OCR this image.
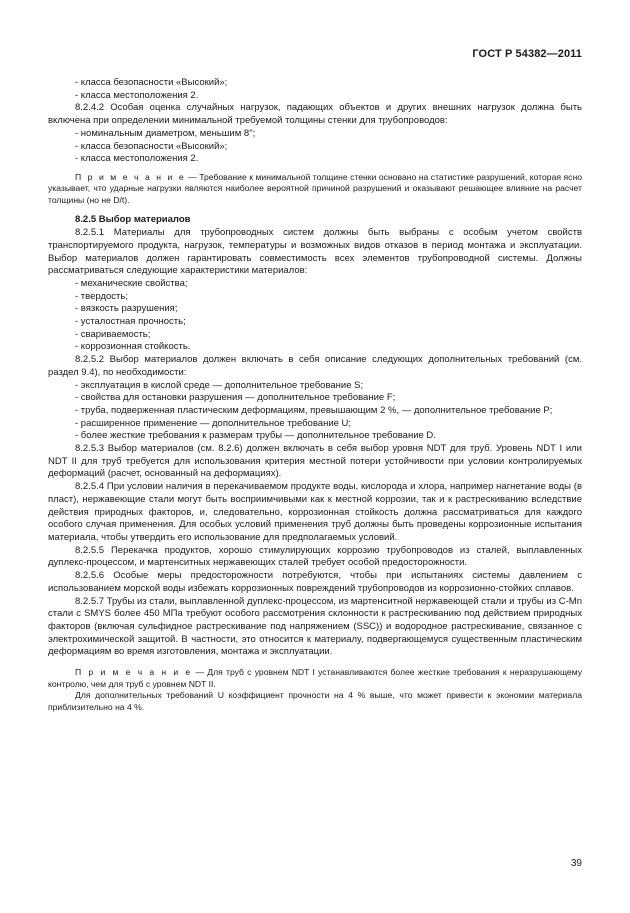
ГОСТ Р 54382—2011

- класса безопасности «Высокий»;

- класса местоположения 2.

8.2.4.2 Особая оценка случайных нагрузок, падающих объектов и других внешних нагрузок должна быть включена при определении минимальной требуемой толщины стенки для трубопроводов:

- номинальным диаметром, меньшим 8";

- класса безопасности «Высокий»;

- класса местоположения 2.

П р и м е ч а н и е — Требование к минимальной толщине стенки основано на статистике разрушений, которая ясно указывает, что ударные нагрузки являются наиболее вероятной причиной разрушений и оказывают решающее влияние на расчет толщины (но не D/t).

8.2.5 Выбор материалов

8.2.5.1 Материалы для трубопроводных систем должны быть выбраны с особым учетом свойств транспортируемого продукта, нагрузок, температуры и возможных видов отказов в период монтажа и эксплуатации. Выбор материалов должен гарантировать совместимость всех элементов трубопроводной системы. Должны рассматриваться следующие характеристики материалов:

- механические свойства;

- твердость;

- вязкость разрушения;

- усталостная прочность;

- свариваемость;

- коррозионная стойкость.

8.2.5.2 Выбор материалов должен включать в себя описание следующих дополнительных требований (см. раздел 9.4), по необходимости:

- эксплуатация в кислой среде — дополнительное требование S;

- свойства для остановки разрушения — дополнительное требование F;

- труба, подверженная пластическим деформациям, превышающим 2 %, — дополнительное требование P;

- расширенное применение — дополнительное требование U;

- более жесткие требования к размерам трубы — дополнительное требование D.

8.2.5.3 Выбор материалов (см. 8.2.6) должен включать в себя выбор уровня NDT для труб. Уровень NDT I или NDT II для труб требуется для использования критерия местной потери устойчивости при условии контролируемых деформаций (расчет, основанный на деформациях).

8.2.5.4 При условии наличия в перекачиваемом продукте воды, кислорода и хлора, например нагнетание воды (в пласт), нержавеющие стали могут быть восприимчивыми как к местной коррозии, так и к растрескиванию вследствие действия природных факторов, и, следовательно, коррозионная стойкость должна рассматриваться для каждого особого случая применения. Для особых условий применения труб должны быть проведены коррозионные испытания материала, чтобы утвердить его использование для предполагаемых условий.

8.2.5.5 Перекачка продуктов, хорошо стимулирующих коррозию трубопроводов из сталей, выплавленных дуплекс-процессом, и мартенситных нержавеющих сталей требует особой предосторожности.

8.2.5.6 Особые меры предосторожности потребуются, чтобы при испытаниях системы давлением с использованием морской воды избежать коррозионных повреждений трубопроводов из коррозионно-стойких сплавов.

8.2.5.7 Трубы из стали, выплавленной дуплекс-процессом, из мартенситной нержавеющей стали и трубы из C-Mn стали с SMYS более 450 МПа требуют особого рассмотрения склонности к растрескиванию под действием природных факторов (включая сульфидное растрескивание под напряжением (SSC)) и водородное растрескивание, связанное с электрохимической защитой. В частности, это относится к материалу, подвергающемуся существенным пластическим деформациям во время изготовления, монтажа и эксплуатации.

П р и м е ч а н и е — Для труб с уровнем NDT I устанавливаются более жесткие требования к неразрушающему контролю, чем для труб с уровнем NDT II.

Для дополнительных требований U коэффициент прочности на 4 % выше, что может привести к экономии материала приблизительно на 4 %.

39
